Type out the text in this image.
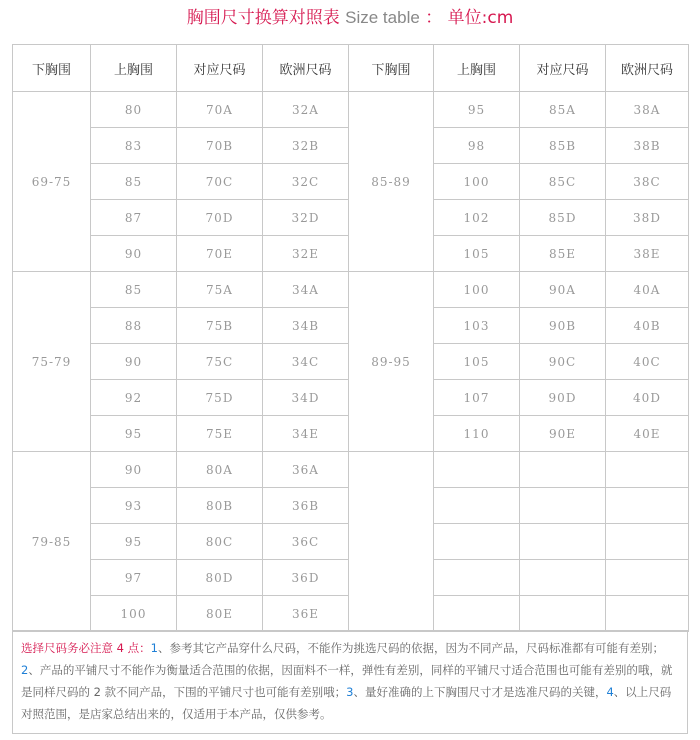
胸围尺寸换算对照表 Size table ： 单位:cm
下胸围	上胸围	对应尺码	欧洲尺码	下胸围	上胸围	对应尺码	欧洲尺码
69-75	80	70A	32A	85-89	95	85A	38A
	83	70B	32B		98	85B	38B
	85	70C	32C		100	85C	38C
	87	70D	32D		102	85D	38D
	90	70E	32E		105	85E	38E
75-79	85	75A	34A	89-95	100	90A	40A
	88	75B	34B		103	90B	40B
	90	75C	34C		105	90C	40C
	92	75D	34D		107	90D	40D
	95	75E	34E		110	90E	40E
79-85	90	80A	36A				
	93	80B	36B				
	95	80C	36C				
	97	80D	36D				
	100	80E	36E				
选择尺码务必注意 4 点：1、参考其它产品穿什么尺码，不能作为挑选尺码的依据，因为不同产品，尺码标准都有可能有差别；2、产品的平铺尺寸不能作为衡量适合范围的依据，因面料不一样，弹性有差别，同样的平铺尺寸适合范围也可能有差别的哦，就是同样尺码的 2 款不同产品，下围的平铺尺寸也可能有差别哦；3、量好准确的上下胸围尺寸才是选准尺码的关键，4、以上尺码对照范围，是店家总结出来的，仅适用于本产品，仅供参考。
